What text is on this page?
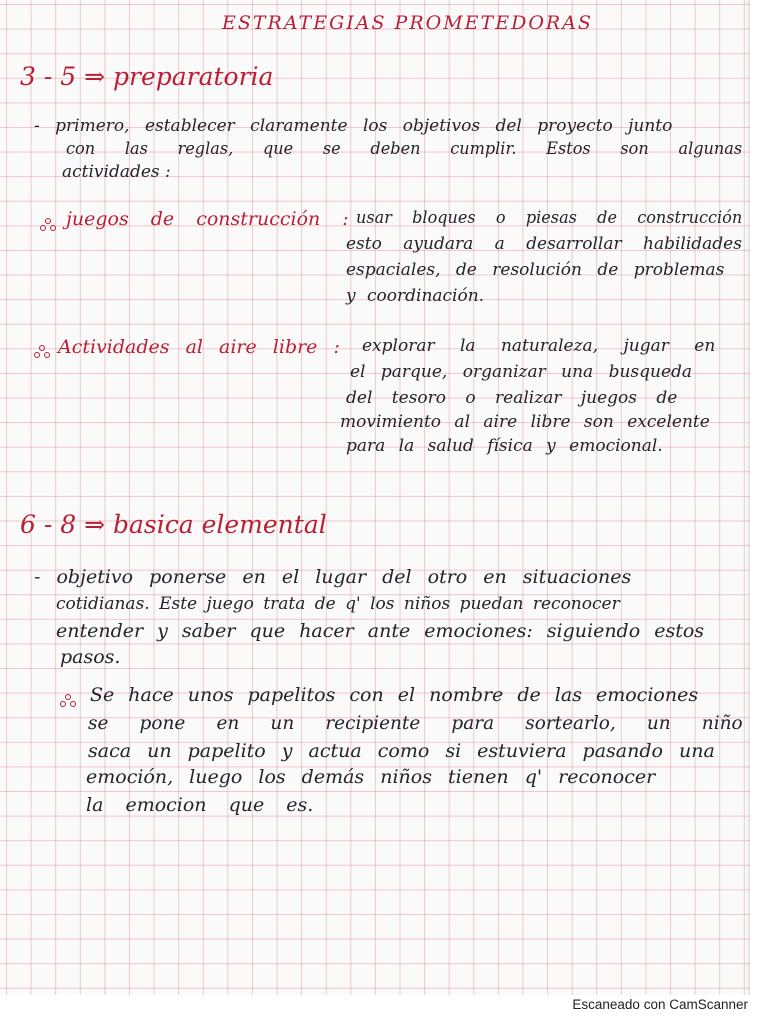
ESTRATEGIAS PROMETEDORAS
3 - 5 ⇒ preparatoria
- primero, establecer claramente los objetivos del proyecto junto
con las reglas, que se deben cumplir. Estos son algunas
actividades :
juegos de construcción : usar bloques o piesas de construcción
esto ayudara a desarrollar habilidades
espaciales, de resolución de problemas
y coordinación.
Actividades al aire libre : explorar la naturaleza, jugar en
el parque, organizar una busqueda
del tesoro o realizar juegos de
movimiento al aire libre son excelente
para la salud física y emocional.
6 - 8 ⇒ basica elemental
- objetivo ponerse en el lugar del otro en situaciones
cotidianas. Este juego trata de q' los niños puedan reconocer
entender y saber que hacer ante emociones: siguiendo estos
pasos.
Se hace unos papelitos con el nombre de las emociones
se pone en un recipiente para sortearlo, un niño
saca un papelito y actua como si estuviera pasando una
emoción, luego los demás niños tienen q' reconocer
la emocion que es.
Escaneado con CamScanner
